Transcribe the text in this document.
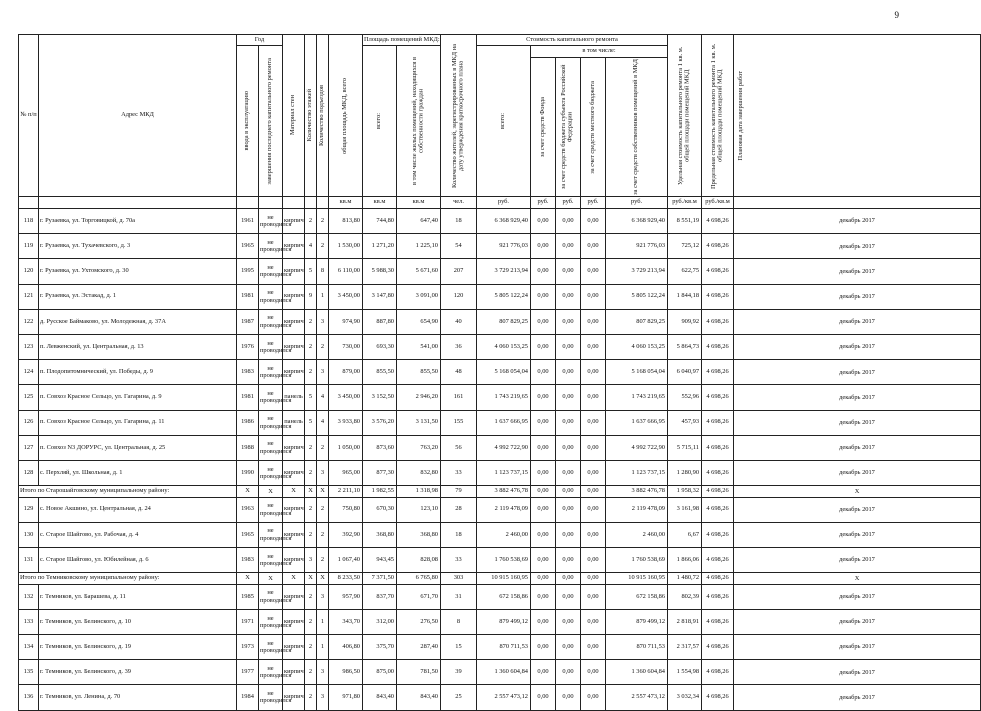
9
№ п/п	Адрес МКД	Год		Материал стен	Количество этажей	Количество подъездов	общая площадь МКД, всего	Площадь помещений МКД:		Количество жителей, зарегистрированных в МКД на дату утверждения краткосрочного плана	Стоимость капитального ремонта					Удельная стоимость капитального ремонта 1 кв. м. общей площади помещений МКД	Предельная стоимость капитального ремонта 1 кв. м. общей площади помещений МКД	Плановая дата завершения работ

		ввода в эксплуатацию	завершения последнего капитального ремонта					всего:	в том числе жилых помещений, находящихся в собственности граждан		всего:	в том числе:						

												за счет средств Фонда	за счет средств бюджета субъекта Российской Федерации	за счет средств местного бюджета	за счет средств собственников помещений в МКД			

							кв.м	кв.м	кв.м	чел.	руб.	руб.	руб.	руб.	руб.	руб./кв.м	руб./кв.м	
118	г. Рузаевка, ул. Торговицкой, д. 70а	1961	не проводился	кирпич	2	2	813,80	744,80	647,40	18	6 368 929,40	0,00	0,00	0,00	6 368 929,40	8 551,19	4 698,26	декабрь 2017
119	г. Рузаевка, ул. Тухачевского, д. 3	1965	не проводился	кирпич	4	2	1 530,00	1 271,20	1 225,10	54	921 776,03	0,00	0,00	0,00	921 776,03	725,12	4 698,26	декабрь 2017
120	г. Рузаевка, ул. Ухтомского, д. 30	1995	не проводился	кирпич	5	8	6 110,00	5 988,30	5 671,60	207	3 729 213,94	0,00	0,00	0,00	3 729 213,94	622,75	4 698,26	декабрь 2017
121	г. Рузаевка, ул. Эстакад, д. 1	1981	не проводился	кирпич	9	1	3 450,00	3 147,80	3 091,00	120	5 805 122,24	0,00	0,00	0,00	5 805 122,24	1 844,18	4 698,26	декабрь 2017
122	д. Русское Баймаково, ул. Молодежная, д. 37А	1987	не проводился	кирпич	2	3	974,90	887,80	654,90	40	807 829,25	0,00	0,00	0,00	807 829,25	909,92	4 698,26	декабрь 2017
123	п. Левженский, ул. Центральная, д. 13	1976	не проводился	кирпич	2	2	730,00	693,30	541,00	36	4 060 153,25	0,00	0,00	0,00	4 060 153,25	5 864,73	4 698,26	декабрь 2017
124	п. Плодопитомнический, ул. Победы, д. 9	1983	не проводился	кирпич	2	3	879,00	855,50	855,50	48	5 168 054,04	0,00	0,00	0,00	5 168 054,04	6 040,97	4 698,26	декабрь 2017
125	п. Совхоз Красное Сельцо, ул. Гагарина, д. 9	1981	не проводился	панель	5	4	3 450,00	3 152,50	2 946,20	161	1 743 219,65	0,00	0,00	0,00	1 743 219,65	552,96	4 698,26	декабрь 2017
126	п. Совхоз Красное Сельцо, ул. Гагарина, д. 11	1986	не проводился	панель	5	4	3 933,80	3 576,20	3 131,50	155	1 637 666,95	0,00	0,00	0,00	1 637 666,95	457,93	4 698,26	декабрь 2017
127	п. Совхоз N3 ДОРУРС, ул. Центральная, д. 25	1988	не проводился	кирпич	2	2	1 050,00	873,60	763,20	56	4 992 722,90	0,00	0,00	0,00	4 992 722,90	5 715,11	4 698,26	декабрь 2017
128	с. Перхляй, ул. Школьная, д. 1	1990	не проводился	кирпич	2	3	965,00	877,30	832,80	33	1 123 737,15	0,00	0,00	0,00	1 123 737,15	1 280,90	4 698,26	декабрь 2017
Итого по Старошайговскому муниципальному району:		X	X	X	X	X	2 211,10	1 982,55	1 318,98	79	3 882 476,78	0,00	0,00	0,00	3 882 476,78	1 958,32	4 698,26	X
129	с. Новое Акшино, ул. Центральная, д. 24	1963	не проводился	кирпич	2	2	750,80	670,30	123,10	28	2 119 478,09	0,00	0,00	0,00	2 119 478,09	3 161,98	4 698,26	декабрь 2017
130	с. Старое Шайгово, ул. Рабочая, д. 4	1965	не проводился	кирпич	2	2	392,90	368,80	368,80	18	2 460,00	0,00	0,00	0,00	2 460,00	6,67	4 698,26	декабрь 2017
131	с. Старое Шайгово, ул. Юбилейная, д. 6	1983	не проводился	кирпич	3	2	1 067,40	943,45	828,08	33	1 760 538,69	0,00	0,00	0,00	1 760 538,69	1 866,06	4 698,26	декабрь 2017
Итого по Темниковскому муниципальному району:		X	X	X	X	X	8 233,50	7 371,50	6 765,80	303	10 915 160,95	0,00	0,00	0,00	10 915 160,95	1 480,72	4 698,26	X
132	г. Темников, ул. Барашева, д. 11	1985	не проводился	кирпич	2	3	957,90	837,70	671,70	31	672 158,86	0,00	0,00	0,00	672 158,86	802,39	4 698,26	декабрь 2017
133	г. Темников, ул. Белинского, д. 10	1971	не проводился	кирпич	2	1	343,70	312,00	276,50	8	879 499,12	0,00	0,00	0,00	879 499,12	2 818,91	4 698,26	декабрь 2017
134	г. Темников, ул. Белинского, д. 19	1973	не проводился	кирпич	2	1	406,80	375,70	287,40	15	870 711,53	0,00	0,00	0,00	870 711,53	2 317,57	4 698,26	декабрь 2017
135	г. Темников, ул. Белинского, д. 39	1977	не проводился	кирпич	2	3	986,50	875,00	781,50	39	1 360 604,84	0,00	0,00	0,00	1 360 604,84	1 554,98	4 698,26	декабрь 2017
136	г. Темников, ул. Ленина, д. 70	1984	не проводился	кирпич	2	3	971,80	843,40	843,40	25	2 557 473,12	0,00	0,00	0,00	2 557 473,12	3 032,34	4 698,26	декабрь 2017
